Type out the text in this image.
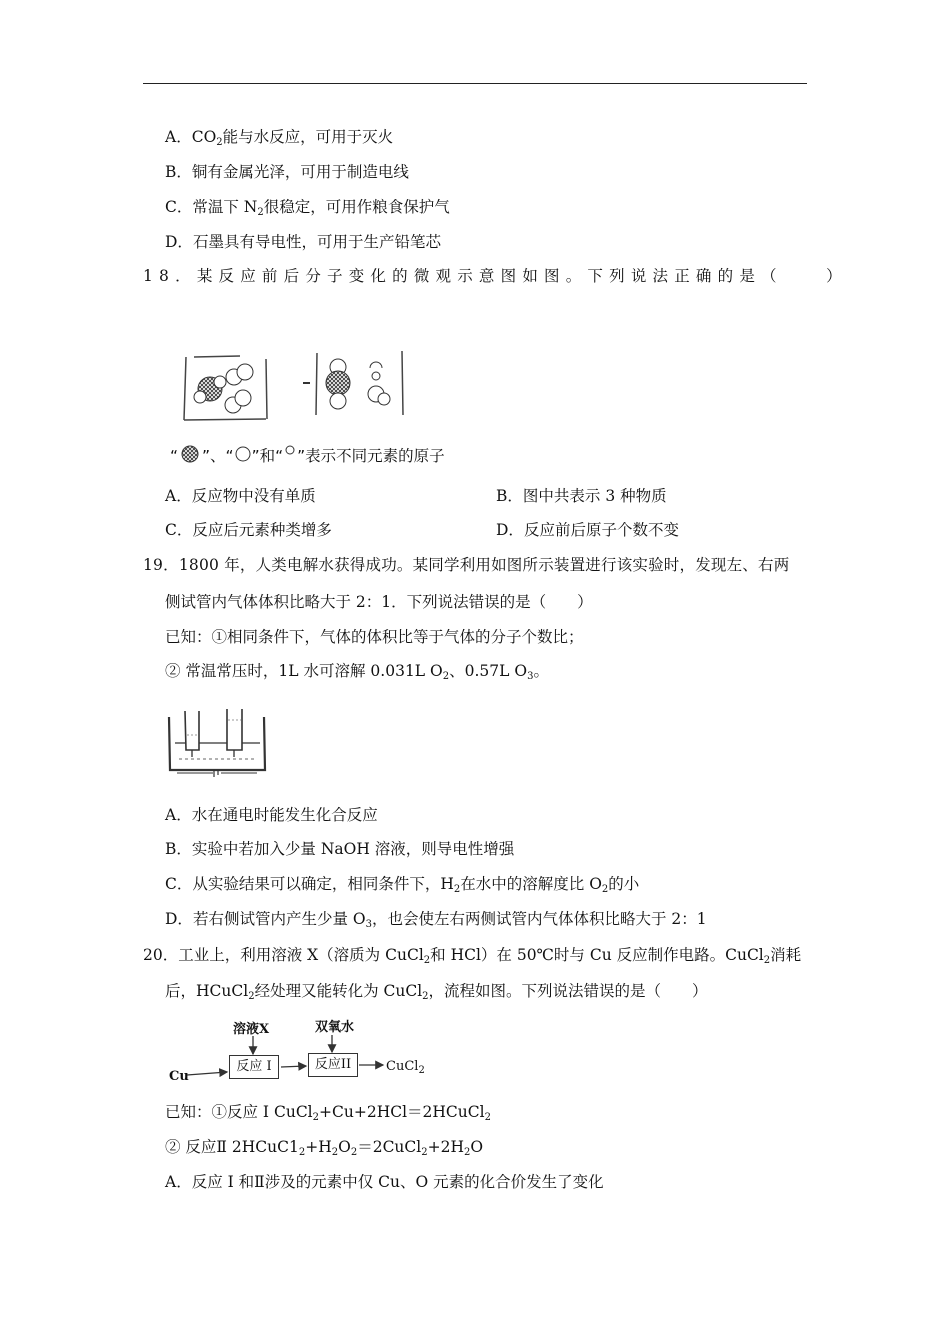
A．$CO_2$能与水反应，可用于灭火
B．铜有金属光泽，可用于制造电线
C．常温下 $N_2$很稳定，可用作粮食保护气
D．石墨具有导电性，可用于生产铅笔芯
18．某反应前后分子变化的微观示意图如图。下列说法正确的是（　　）
“ ”、“ ”和“ ”表示不同元素的原子
A．反应物中没有单质	B．图中共表示 3 种物质
C．反应后元素种类增多	D．反应前后原子个数不变
19．1800 年，人类电解水获得成功。某同学利用如图所示装置进行该实验时，发现左、右两
侧试管内气体体积比略大于 2：1．下列说法错误的是（　　）
已知：①相同条件下，气体的体积比等于气体的分子个数比；
② 常温常压时，1L 水可溶解 0.031L $O_2$、0.57L $O_3$。
A．水在通电时能发生化合反应
B．实验中若加入少量 NaOH 溶液，则导电性增强
C．从实验结果可以确定，相同条件下，$H_2$在水中的溶解度比 $O_2$的小
D．若右侧试管内产生少量 $O_3$，也会使左右两侧试管内气体体积比略大于 2：1
20．工业上，利用溶液 X（溶质为 CuCl$_2$和 HCl）在 50℃时与 Cu 反应制作电路。CuCl$_2$消耗
后，HCuCl$_2$经处理又能转化为 CuCl$_2$，流程如图。下列说法错误的是（　　）
溶液X	双氧水
Cu
反应 I	反应II	CuCl$_2$
已知：①反应 I CuCl$_2$+Cu+2HCl＝2HCuCl$_2$
② 反应Ⅱ $2HCuC1_2+H_2O_2=2CuCl_2+2H_2O$
A．反应 I 和Ⅱ涉及的元素中仅 Cu、O 元素的化合价发生了变化
